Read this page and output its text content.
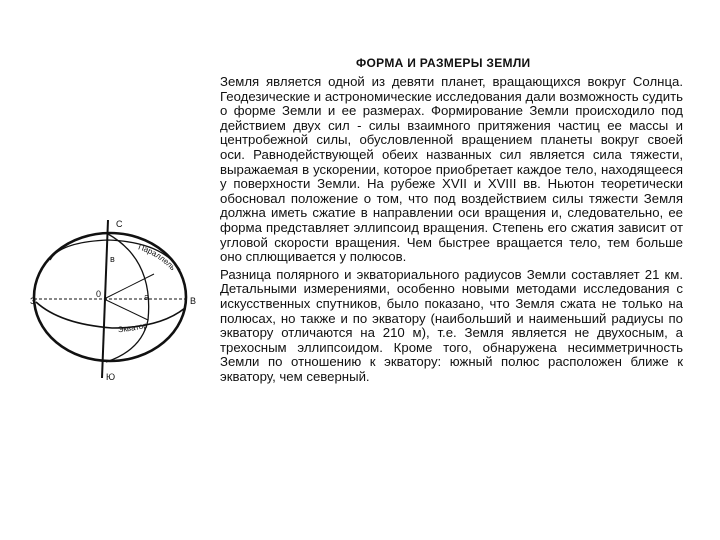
ФОРМА И РАЗМЕРЫ ЗЕМЛИ

Земля является одной из девяти планет, вращающихся вокруг Солнца. Геодезические и астрономические исследования дали возможность судить о форме Земли и ее размерах. Формирование Земли происходило под действием двух сил - силы взаимного притяжения частиц ее массы и центробежной силы, обусловленной вращением планеты вокруг своей оси. Равнодействующей обеих названных сил является сила тяжести, выражаемая в ускорении, которое приобретает каждое тело, находящееся у поверхности Земли. На рубеже XVII и XVIII вв. Ньютон теоретически обосновал положение о том, что под воздействием силы тяжести Земля должна иметь сжатие в направлении оси вращения и, следовательно, ее форма представляет эллипсоид вращения. Степень его сжатия зависит от угловой скорости вращения. Чем быстрее вращается тело, тем больше оно сплющивается у полюсов.

Разница полярного и экваториального радиусов Земли составляет 21 км. Детальными измерениями, особенно новыми методами исследования с искусственных спутников, было показано, что Земля сжата не только на полюсах, но также и по экватору (наибольший и наименьший радиусы по экватору отличаются на 210 м), т.е. Земля является не двухосным, а трехосным эллипсоидом. Кроме того, обнаружена несимметричность Земли по отношению к экватору: южный полюс расположен ближе к экватору, чем северный.

С
Ю
З	В
0
в
а
Параллель
Экватор
